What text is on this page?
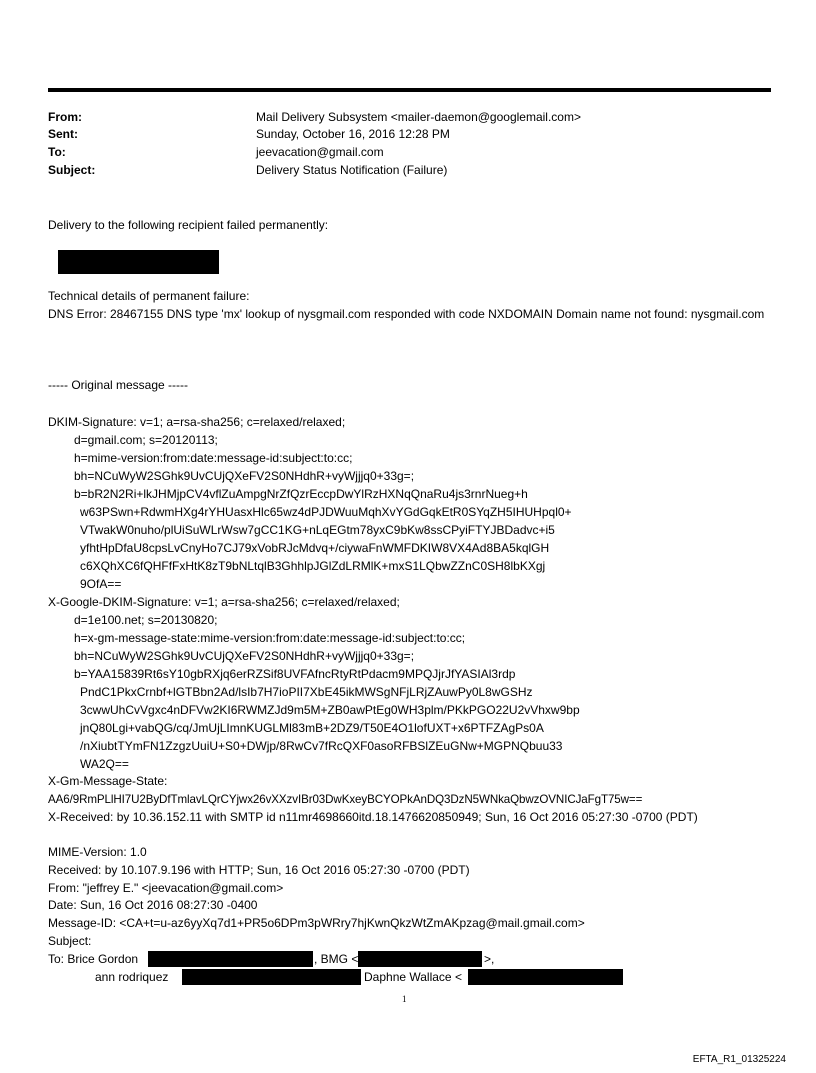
From:	Mail Delivery Subsystem <mailer-daemon@googlemail.com>
Sent:	Sunday, October 16, 2016 12:28 PM
To:	jeevacation@gmail.com
Subject:	Delivery Status Notification (Failure)
Delivery to the following recipient failed permanently:
Technical details of permanent failure:
DNS Error: 28467155 DNS type 'mx' lookup of nysgmail.com responded with code NXDOMAIN Domain name not found: nysgmail.com
----- Original message -----
DKIM-Signature: v=1; a=rsa-sha256; c=relaxed/relaxed;
d=gmail.com; s=20120113;
h=mime-version:from:date:message-id:subject:to:cc;
bh=NCuWyW2SGhk9UvCUjQXeFV2S0NHdhR+vyWjjjq0+33g=;
b=bR2N2Ri+lkJHMjpCV4vflZuAmpgNrZfQzrEccpDwYlRzHXNqQnaRu4js3rnrNueg+h
w63PSwn+RdwmHXg4rYHUasxHlc65wz4dPJDWuuMqhXvYGdGqkEtR0SYqZH5IHUHpql0+
VTwakW0nuho/plUiSuWLrWsw7gCC1KG+nLqEGtm78yxC9bKw8ssCPyiFTYJBDadvc+i5
yfhtHpDfaU8cpsLvCnyHo7CJ79xVobRJcMdvq+/ciywaFnWMFDKIW8VX4Ad8BA5kqlGH
c6XQhXC6fQHFfFxHtK8zT9bNLtqlB3GhhlpJGlZdLRMlK+mxS1LQbwZZnC0SH8lbKXgj
9OfA==
X-Google-DKIM-Signature: v=1; a=rsa-sha256; c=relaxed/relaxed;
d=1e100.net; s=20130820;
h=x-gm-message-state:mime-version:from:date:message-id:subject:to:cc;
bh=NCuWyW2SGhk9UvCUjQXeFV2S0NHdhR+vyWjjjq0+33g=;
b=YAA15839Rt6sY10gbRXjq6erRZSif8UVFAfncRtyRtPdacm9MPQJjrJfYASIAl3rdp
PndC1PkxCrnbf+lGTBbn2Ad/lsIb7H7ioPII7XbE45ikMWSgNFjLRjZAuwPy0L8wGSHz
3cwwUhCvVgxc4nDFVw2KI6RWMZJd9m5M+ZB0awPtEg0WH3plm/PKkPGO22U2vVhxw9bp
jnQ80Lgi+vabQG/cq/JmUjLImnKUGLMl83mB+2DZ9/T50E4O1lofUXT+x6PTFZAgPs0A
/nXiubtTYmFN1ZzgzUuiU+S0+DWjp/8RwCv7fRcQXF0asoRFBSlZEuGNw+MGPNQbuu33
WA2Q==
X-Gm-Message-State:
AA6/9RmPLlHI7U2ByDfTmlavLQrCYjwx26vXXzvIBr03DwKxeyBCYOPkAnDQ3DzN5WNkaQbwzOVNICJaFgT75w==
X-Received: by 10.36.152.11 with SMTP id n11mr4698660itd.18.1476620850949; Sun, 16 Oct 2016 05:27:30 -0700 (PDT)
MIME-Version: 1.0
Received: by 10.107.9.196 with HTTP; Sun, 16 Oct 2016 05:27:30 -0700 (PDT)
From: "jeffrey E." <jeevacation@gmail.com>
Date: Sun, 16 Oct 2016 08:27:30 -0400
Message-ID: <CA+t=u-az6yyXq7d1+PR5o6DPm3pWRry7hjKwnQkzWtZmAKpzag@mail.gmail.com>
Subject:
To: Brice Gordon	, BMG <	>,
ann rodriquez	Daphne Wallace <
1
EFTA_R1_01325224
